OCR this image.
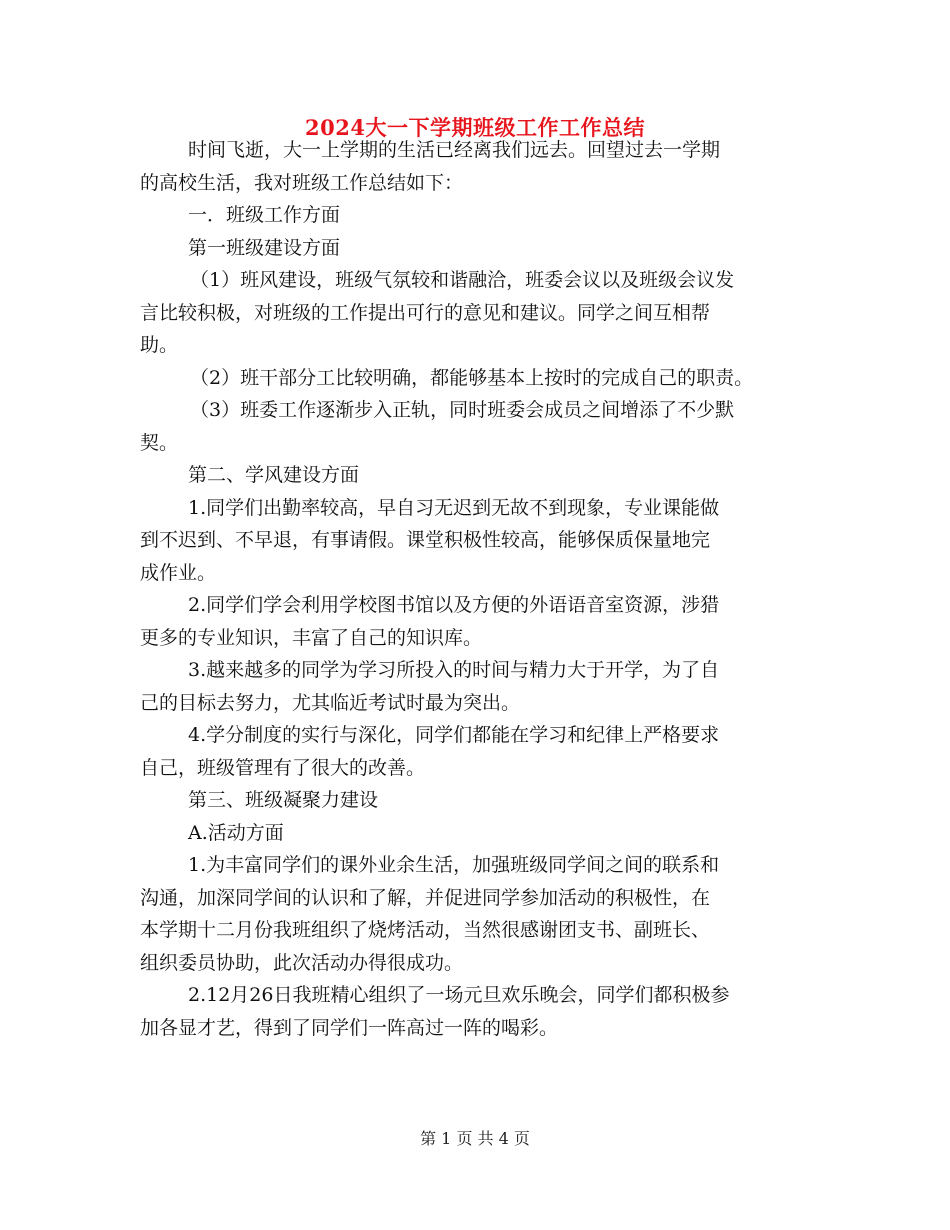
2024大一下学期班级工作工作总结
时间飞逝，大一上学期的生活已经离我们远去。回望过去一学期
的高校生活，我对班级工作总结如下：
一．班级工作方面
第一班级建设方面
（1）班风建设，班级气氛较和谐融洽，班委会议以及班级会议发
言比较积极，对班级的工作提出可行的意见和建议。同学之间互相帮
助。
（2）班干部分工比较明确，都能够基本上按时的完成自己的职责。
（3）班委工作逐渐步入正轨，同时班委会成员之间增添了不少默
契。
第二、学风建设方面
1.同学们出勤率较高，早自习无迟到无故不到现象，专业课能做
到不迟到、不早退，有事请假。课堂积极性较高，能够保质保量地完
成作业。
2.同学们学会利用学校图书馆以及方便的外语语音室资源，涉猎
更多的专业知识，丰富了自己的知识库。
3.越来越多的同学为学习所投入的时间与精力大于开学，为了自
己的目标去努力，尤其临近考试时最为突出。
4.学分制度的实行与深化，同学们都能在学习和纪律上严格要求
自己，班级管理有了很大的改善。
第三、班级凝聚力建设
A.活动方面
1.为丰富同学们的课外业余生活，加强班级同学间之间的联系和
沟通，加深同学间的认识和了解，并促进同学参加活动的积极性，在
本学期十二月份我班组织了烧烤活动，当然很感谢团支书、副班长、
组织委员协助，此次活动办得很成功。
2.12月26日我班精心组织了一场元旦欢乐晚会，同学们都积极参
加各显才艺，得到了同学们一阵高过一阵的喝彩。
第 1 页 共 4 页
